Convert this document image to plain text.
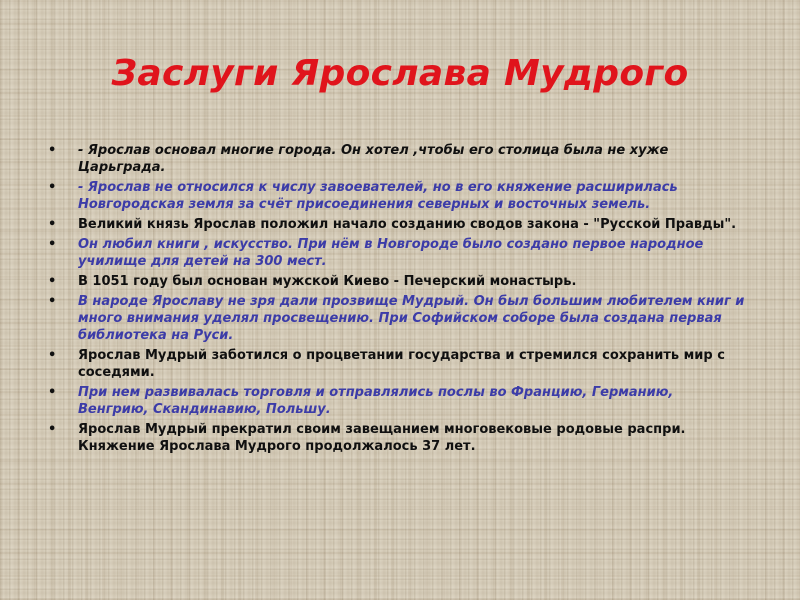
Заслуги Ярослава Мудрого
• - Ярослав основал многие города. Он хотел ,чтобы его столица была не хуже Царьграда.
• - Ярослав не относился к числу завоевателей, но в его княжение расширилась Новгородская земля за счёт присоединения северных и восточных земель.
• Великий князь Ярослав положил начало созданию сводов закона - "Русской Правды".
• Он любил книги , искусство. При нём в Новгороде было создано первое народное училище для детей на 300 мест.
• В 1051 году был основан мужской Киево - Печерский монастырь.
• В народе Ярославу не зря дали прозвище Мудрый. Он был большим любителем книг и много внимания уделял просвещению. При Софийском соборе была создана первая библиотека на Руси.
• Ярослав Мудрый заботился о процветании государства и стремился сохранить мир с соседями.
• При нем развивалась торговля и отправлялись послы во Францию, Германию, Венгрию, Скандинавию, Польшу.
• Ярослав Мудрый прекратил своим завещанием многовековые родовые распри. Княжение Ярослава Мудрого продолжалось 37 лет.
